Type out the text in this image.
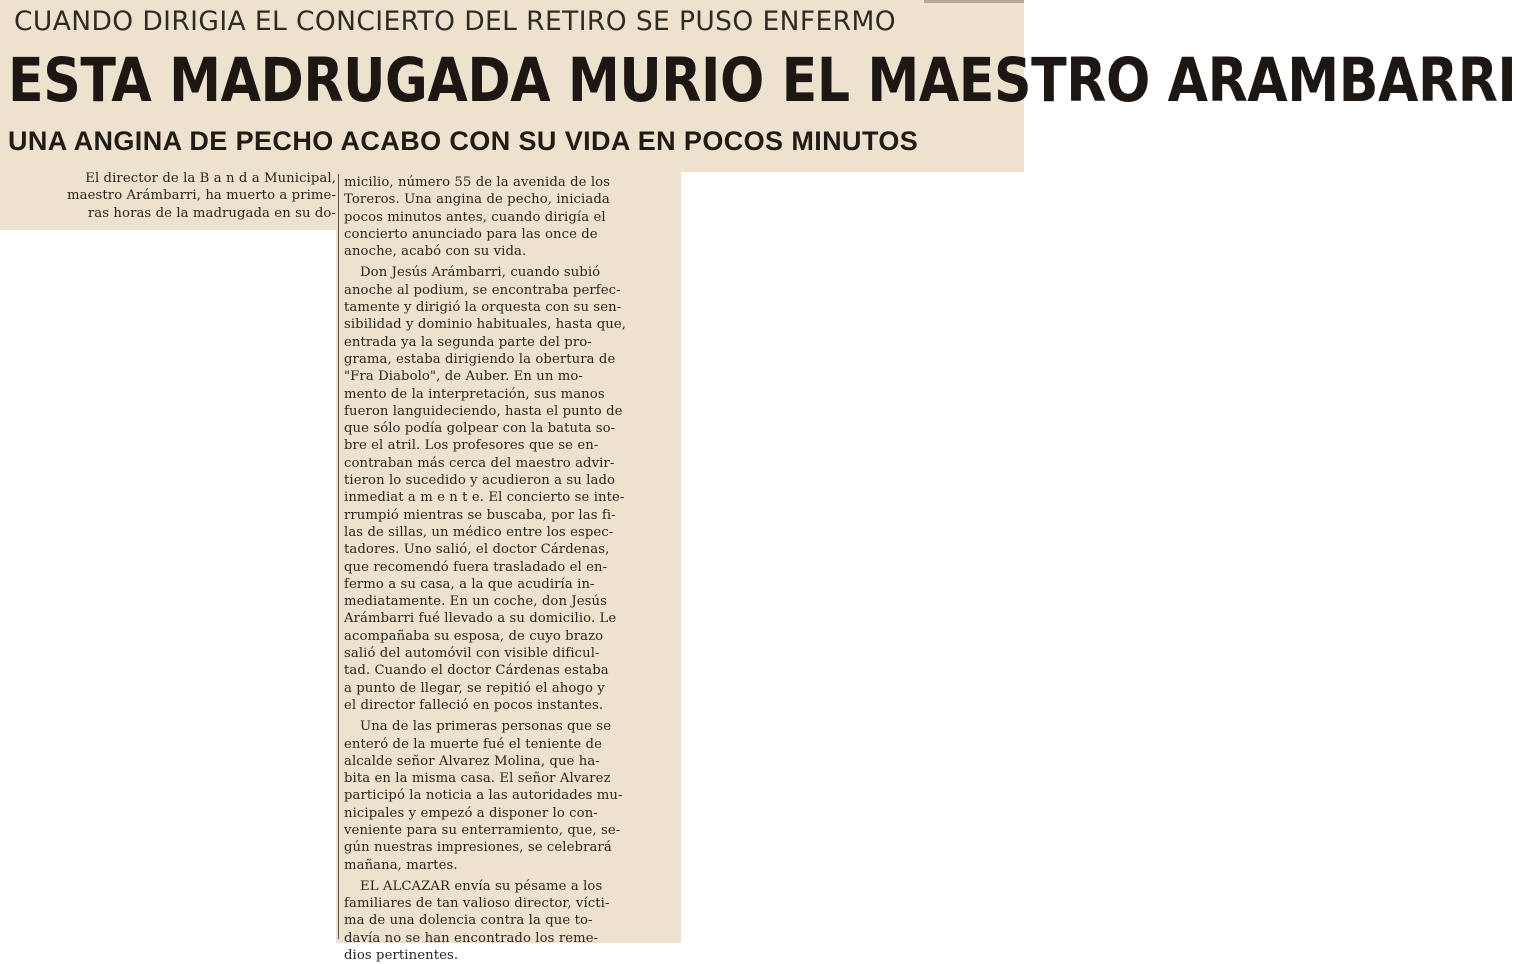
CUANDO DIRIGIA EL CONCIERTO DEL RETIRO SE PUSO ENFERMO
ESTA MADRUGADA MURIO EL MAESTRO ARAMBARRI
UNA ANGINA DE PECHO ACABO CON SU VIDA EN POCOS MINUTOS
El director de la B a n d a Municipal,
maestro Arámbarri, ha muerto a prime-
ras horas de la madrugada en su do-
micilio, número 55 de la avenida de los
Toreros. Una angina de pecho, iniciada
pocos minutos antes, cuando dirigía el
concierto anunciado para las once de
anoche, acabó con su vida.
Don Jesús Arámbarri, cuando subió
anoche al podium, se encontraba perfec-
tamente y dirigió la orquesta con su sen-
sibilidad y dominio habituales, hasta que,
entrada ya la segunda parte del pro-
grama, estaba dirigiendo la obertura de
"Fra Diabolo", de Auber. En un mo-
mento de la interpretación, sus manos
fueron languideciendo, hasta el punto de
que sólo podía golpear con la batuta so-
bre el atril. Los profesores que se en-
contraban más cerca del maestro advir-
tieron lo sucedido y acudieron a su lado
inmediat a m e n t e. El concierto se inte-
rrumpió mientras se buscaba, por las fi-
las de sillas, un médico entre los espec-
tadores. Uno salió, el doctor Cárdenas,
que recomendó fuera trasladado el en-
fermo a su casa, a la que acudiría in-
mediatamente. En un coche, don Jesús
Arámbarri fué llevado a su domicilio. Le
acompañaba su esposa, de cuyo brazo
salió del automóvil con visible dificul-
tad. Cuando el doctor Cárdenas estaba
a punto de llegar, se repitió el ahogo y
el director falleció en pocos instantes.
Una de las primeras personas que se
enteró de la muerte fué el teniente de
alcalde señor Alvarez Molina, que ha-
bita en la misma casa. El señor Alvarez
participó la noticia a las autoridades mu-
nicipales y empezó a disponer lo con-
veniente para su enterramiento, que, se-
gún nuestras impresiones, se celebrará
mañana, martes.
EL ALCAZAR envía su pésame a los
familiares de tan valioso director, vícti-
ma de una dolencia contra la que to-
davía no se han encontrado los reme-
dios pertinentes.
